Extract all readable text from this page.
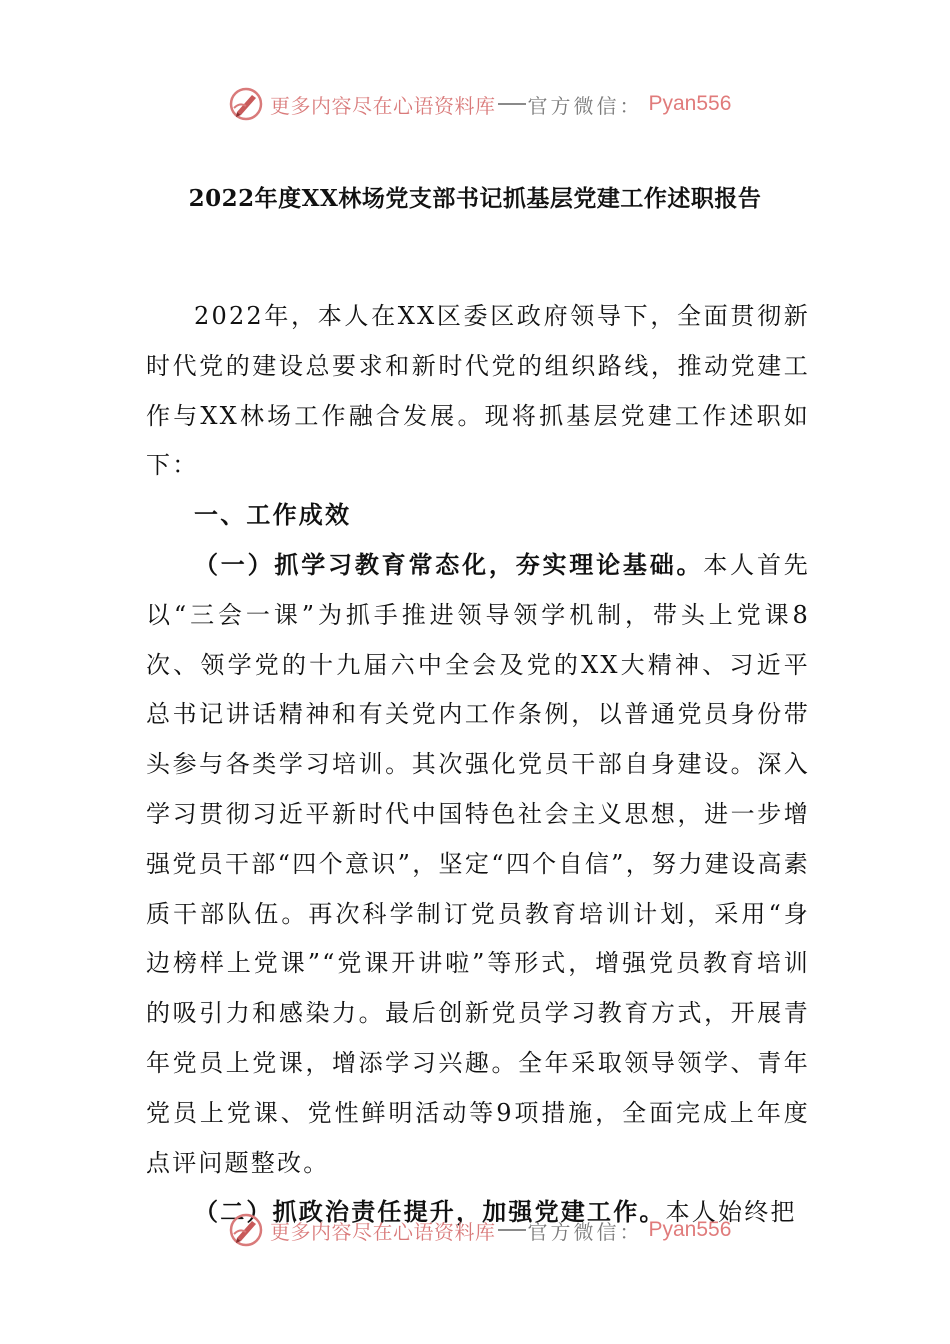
更多内容尽在心语资料库 官方微信： Pyan556
2022年度XX林场党支部书记抓基层党建工作述职报告

2022年，本人在XX区委区政府领导下，全面贯彻新时代党的建设总要求和新时代党的组织路线，推动党建工作与XX林场工作融合发展。现将抓基层党建工作述职如下：

一、工作成效

（一）抓学习教育常态化，夯实理论基础。本人首先以“三会一课”为抓手推进领导领学机制，带头上党课8次、领学党的十九届六中全会及党的XX大精神、习近平总书记讲话精神和有关党内工作条例，以普通党员身份带头参与各类学习培训。其次强化党员干部自身建设。深入学习贯彻习近平新时代中国特色社会主义思想，进一步增强党员干部“四个意识”，坚定“四个自信”，努力建设高素质干部队伍。再次科学制订党员教育培训计划，采用“身边榜样上党课”“党课开讲啦”等形式，增强党员教育培训的吸引力和感染力。最后创新党员学习教育方式，开展青年党员上党课，增添学习兴趣。全年采取领导领学、青年党员上党课、党性鲜明活动等9项措施，全面完成上年度点评问题整改。

（二）抓政治责任提升，加强党建工作。本人始终把

更多内容尽在心语资料库 官方微信： Pyan556
